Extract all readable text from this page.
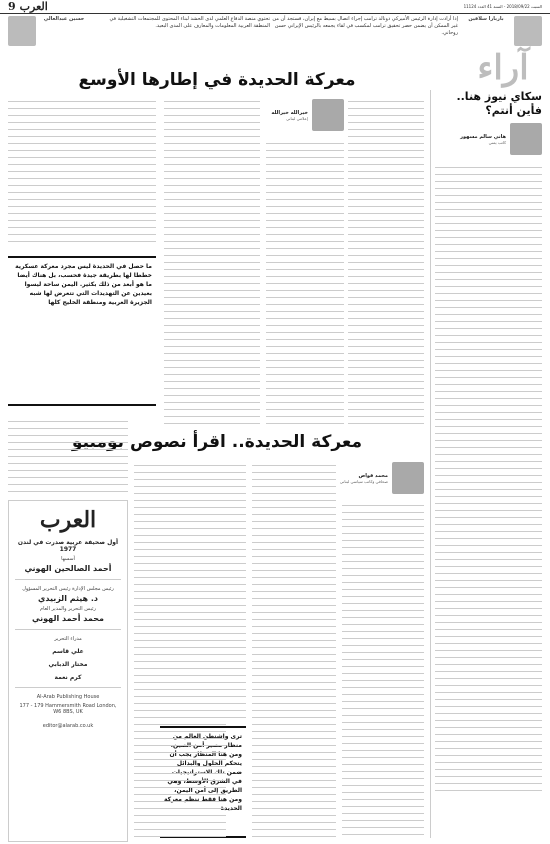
السبت 2018/09/22 - السنة 41 العدد 11124
العرب
9
باربارا سلافين
إذا أرادت إدارة الرئيس الأميركي دونالد ترامب إجراء اتصال بسيط مع إيران، فستجد أن من غير الممكن أن يضمن حصر تحقيق ترامب لمكسب في لقاء يجمعه بالرئيس الإيراني حسن روحاني.
تحتوي منصة الدفاع العلمي لدى الحشد لبناء المحتوى للمجتمعات التشغيلية في المنطقة العربية المعلومات والمعارف على المدى البعيد.
حسين عبدالعالي
آراء
سكاي نيوز هنا.. فأين أنتم؟
هاني سالم مسهور
كاتب يمني
معركة الحديدة في إطارها الأوسع
خيرالله خيرالله
إعلامي لبناني
ما حصل في الحديدة ليس مجرد معركة عسكرية خططا لها بطريقة جيدة فحسب، بل هناك أيضا ما هو أبعد من ذلك بكثير. اليمن ساحة ليسوا بعيدين عن التهديدات التي تتعرض لها شبه الجزيرة العربية ومنطقة الخليج كلها
معركة الحديدة.. اقرأ نصوص بومبيو
محمد قواص
صحافي وكاتب سياسي لبناني
ترى واشنطن العالم من منظار مصير أمن الصين، ومن هنا المنظار يجب أن يتحكم الحلول والبدائل ضمن تلك الاستراتيجيات في الشرق الأوسط، وهي الطريق إلى أمن اليمن، ومن هنا فقط ننظم معركة الحديدة
العرب
أول صحيفة عربية صدرت في لندن 1977
أسسها
أحمد الصالحين الهوني
رئيس مجلس الإدارة رئيس التحرير المسؤول
د. هيثم الزبيدي
رئيس التحرير والمدير العام
محمد أحمد الهوني
مدراء التحرير
علي قاسم
مختار الدبابي
كرم نعمة
Al-Arab Publishing House
177 - 179 Hammersmith Road London, W6 8BS, UK
editor@alarab.co.uk
